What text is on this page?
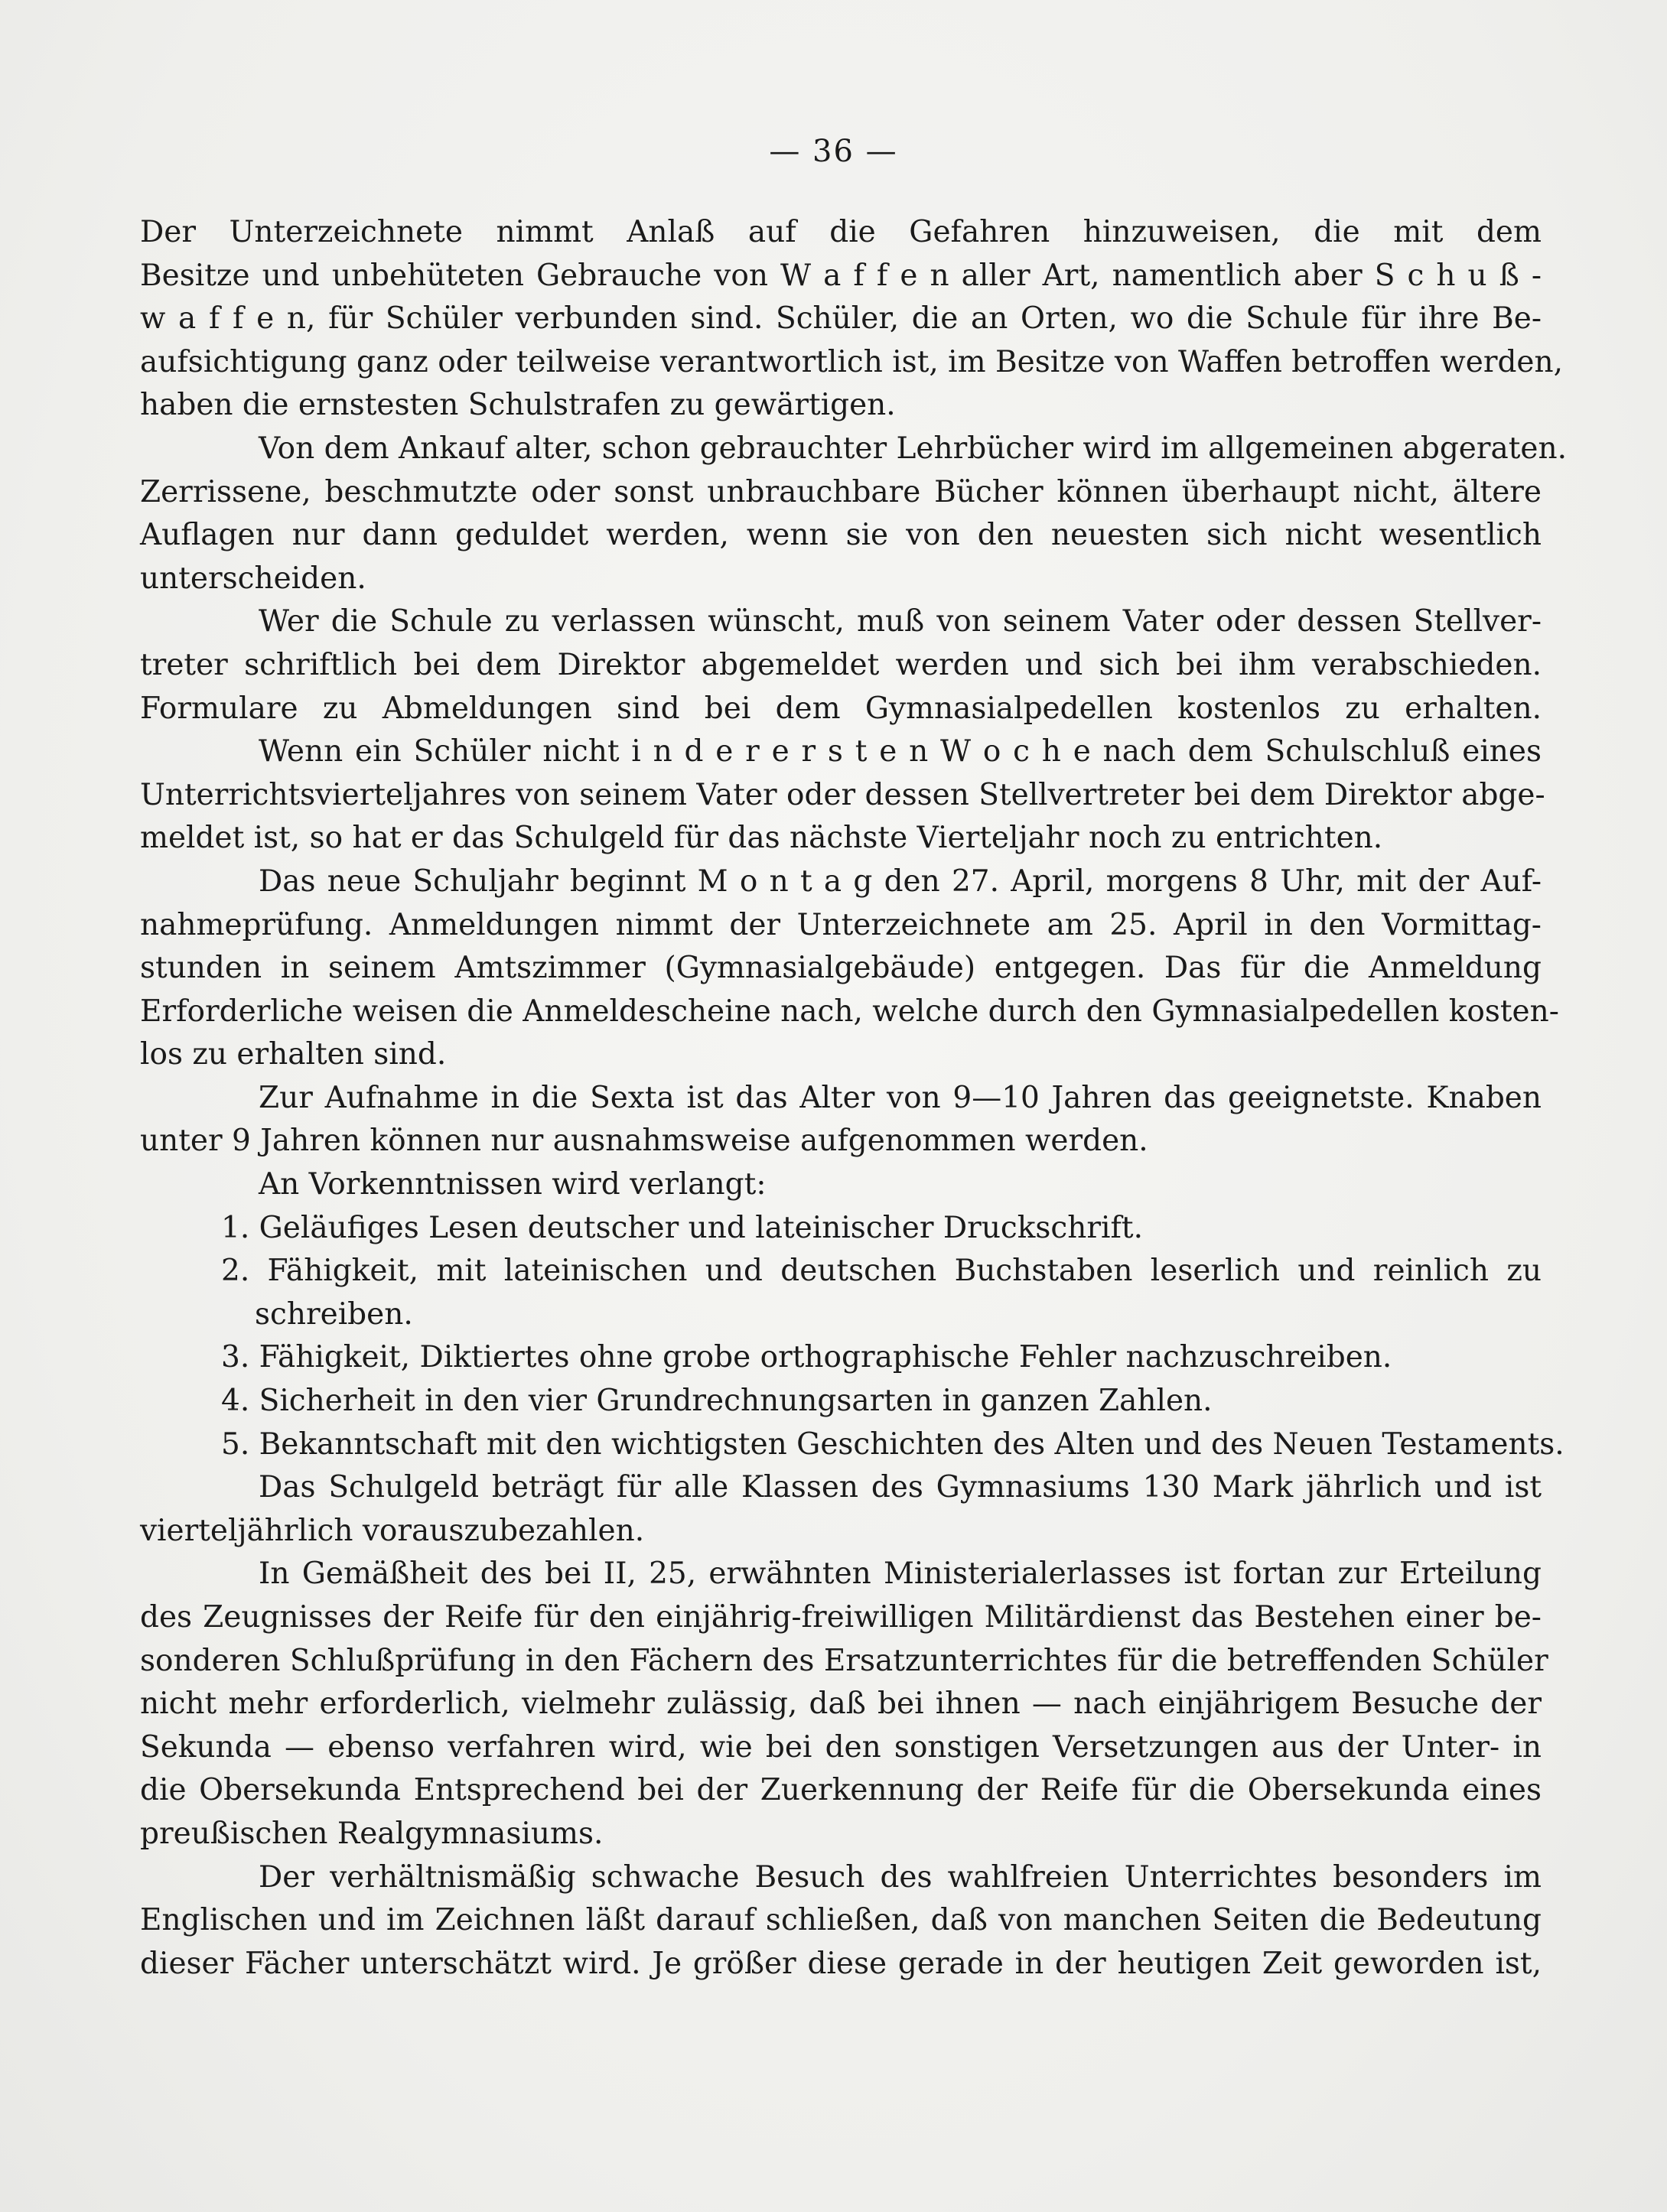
— 36 —
Der Unterzeichnete nimmt Anlaß auf die Gefahren hinzuweisen, die mit dem
Besitze und unbehüteten Gebrauche von W a f f e n aller Art, namentlich aber S c h u ß -
w a f f e n, für Schüler verbunden sind. Schüler, die an Orten, wo die Schule für ihre Be-
aufsichtigung ganz oder teilweise verantwortlich ist, im Besitze von Waffen betroffen werden,
haben die ernstesten Schulstrafen zu gewärtigen.
Von dem Ankauf alter, schon gebrauchter Lehrbücher wird im allgemeinen abgeraten.
Zerrissene, beschmutzte oder sonst unbrauchbare Bücher können überhaupt nicht, ältere
Auflagen nur dann geduldet werden, wenn sie von den neuesten sich nicht wesentlich
unterscheiden.
Wer die Schule zu verlassen wünscht, muß von seinem Vater oder dessen Stellver-
treter schriftlich bei dem Direktor abgemeldet werden und sich bei ihm verabschieden.
Formulare zu Abmeldungen sind bei dem Gymnasialpedellen kostenlos zu erhalten.
Wenn ein Schüler nicht i n d e r e r s t e n W o c h e nach dem Schulschluß eines
Unterrichtsvierteljahres von seinem Vater oder dessen Stellvertreter bei dem Direktor abge-
meldet ist, so hat er das Schulgeld für das nächste Vierteljahr noch zu entrichten.
Das neue Schuljahr beginnt M o n t a g den 27. April, morgens 8 Uhr, mit der Auf-
nahmeprüfung. Anmeldungen nimmt der Unterzeichnete am 25. April in den Vormittag-
stunden in seinem Amtszimmer (Gymnasialgebäude) entgegen. Das für die Anmeldung
Erforderliche weisen die Anmeldescheine nach, welche durch den Gymnasialpedellen kosten-
los zu erhalten sind.
Zur Aufnahme in die Sexta ist das Alter von 9—10 Jahren das geeignetste. Knaben
unter 9 Jahren können nur ausnahmsweise aufgenommen werden.
An Vorkenntnissen wird verlangt:
1. Geläufiges Lesen deutscher und lateinischer Druckschrift.
2. Fähigkeit, mit lateinischen und deutschen Buchstaben leserlich und reinlich zu
schreiben.
3. Fähigkeit, Diktiertes ohne grobe orthographische Fehler nachzuschreiben.
4. Sicherheit in den vier Grundrechnungsarten in ganzen Zahlen.
5. Bekanntschaft mit den wichtigsten Geschichten des Alten und des Neuen Testaments.
Das Schulgeld beträgt für alle Klassen des Gymnasiums 130 Mark jährlich und ist
vierteljährlich vorauszubezahlen.
In Gemäßheit des bei II, 25, erwähnten Ministerialerlasses ist fortan zur Erteilung
des Zeugnisses der Reife für den einjährig-freiwilligen Militärdienst das Bestehen einer be-
sonderen Schlußprüfung in den Fächern des Ersatzunterrichtes für die betreffenden Schüler
nicht mehr erforderlich, vielmehr zulässig, daß bei ihnen — nach einjährigem Besuche der
Sekunda — ebenso verfahren wird, wie bei den sonstigen Versetzungen aus der Unter- in
die Obersekunda Entsprechend bei der Zuerkennung der Reife für die Obersekunda eines
preußischen Realgymnasiums.
Der verhältnismäßig schwache Besuch des wahlfreien Unterrichtes besonders im
Englischen und im Zeichnen läßt darauf schließen, daß von manchen Seiten die Bedeutung
dieser Fächer unterschätzt wird. Je größer diese gerade in der heutigen Zeit geworden ist,
